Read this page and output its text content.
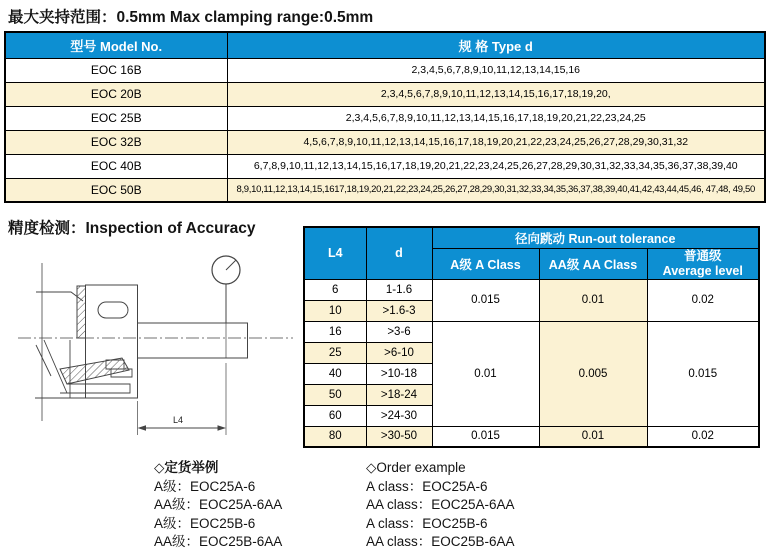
最大夹持范围：0.5mm Max clamping range:0.5mm
型号 Model No.	规 格 Type d
EOC 16B	2,3,4,5,6,7,8,9,10,11,12,13,14,15,16
EOC 20B	2,3,4,5,6,7,8,9,10,11,12,13,14,15,16,17,18,19,20,
EOC 25B	2,3,4,5,6,7,8,9,10,11,12,13,14,15,16,17,18,19,20,21,22,23,24,25
EOC 32B	4,5,6,7,8,9,10,11,12,13,14,15,16,17,18,19,20,21,22,23,24,25,26,27,28,29,30,31,32
EOC 40B	6,7,8,9,10,11,12,13,14,15,16,17,18,19,20,21,22,23,24,25,26,27,28,29,30,31,32,33,34,35,36,37,38,39,40
EOC 50B	8,9,10,11,12,13,14,15,1617,18,19,20,21,22,23,24,25,26,27,28,29,30,31,32,33,34,35,36,37,38,39,40,41,42,43,44,45,46, 47,48, 49,50
精度检测：Inspection of Accuracy
L4
L4	d	径向跳动 Run-out tolerance		
		A级 A Class	AA级 AA Class	普通级
Average level

6	1-1.6	0.015	0.01	0.02
10	>1.6-3			
16	>3-6	0.01	0.005	0.015
25	>6-10			
40	>10-18			
50	>18-24			
60	>24-30			
80	>30-50	0.015	0.01	0.02
◇定货举例
A级：EOC25A-6
AA级：EOC25A-6AA
A级：EOC25B-6
AA级：EOC25B-6AA
◇Order example
A class：EOC25A-6
AA class：EOC25A-6AA
A class：EOC25B-6
AA class：EOC25B-6AA
